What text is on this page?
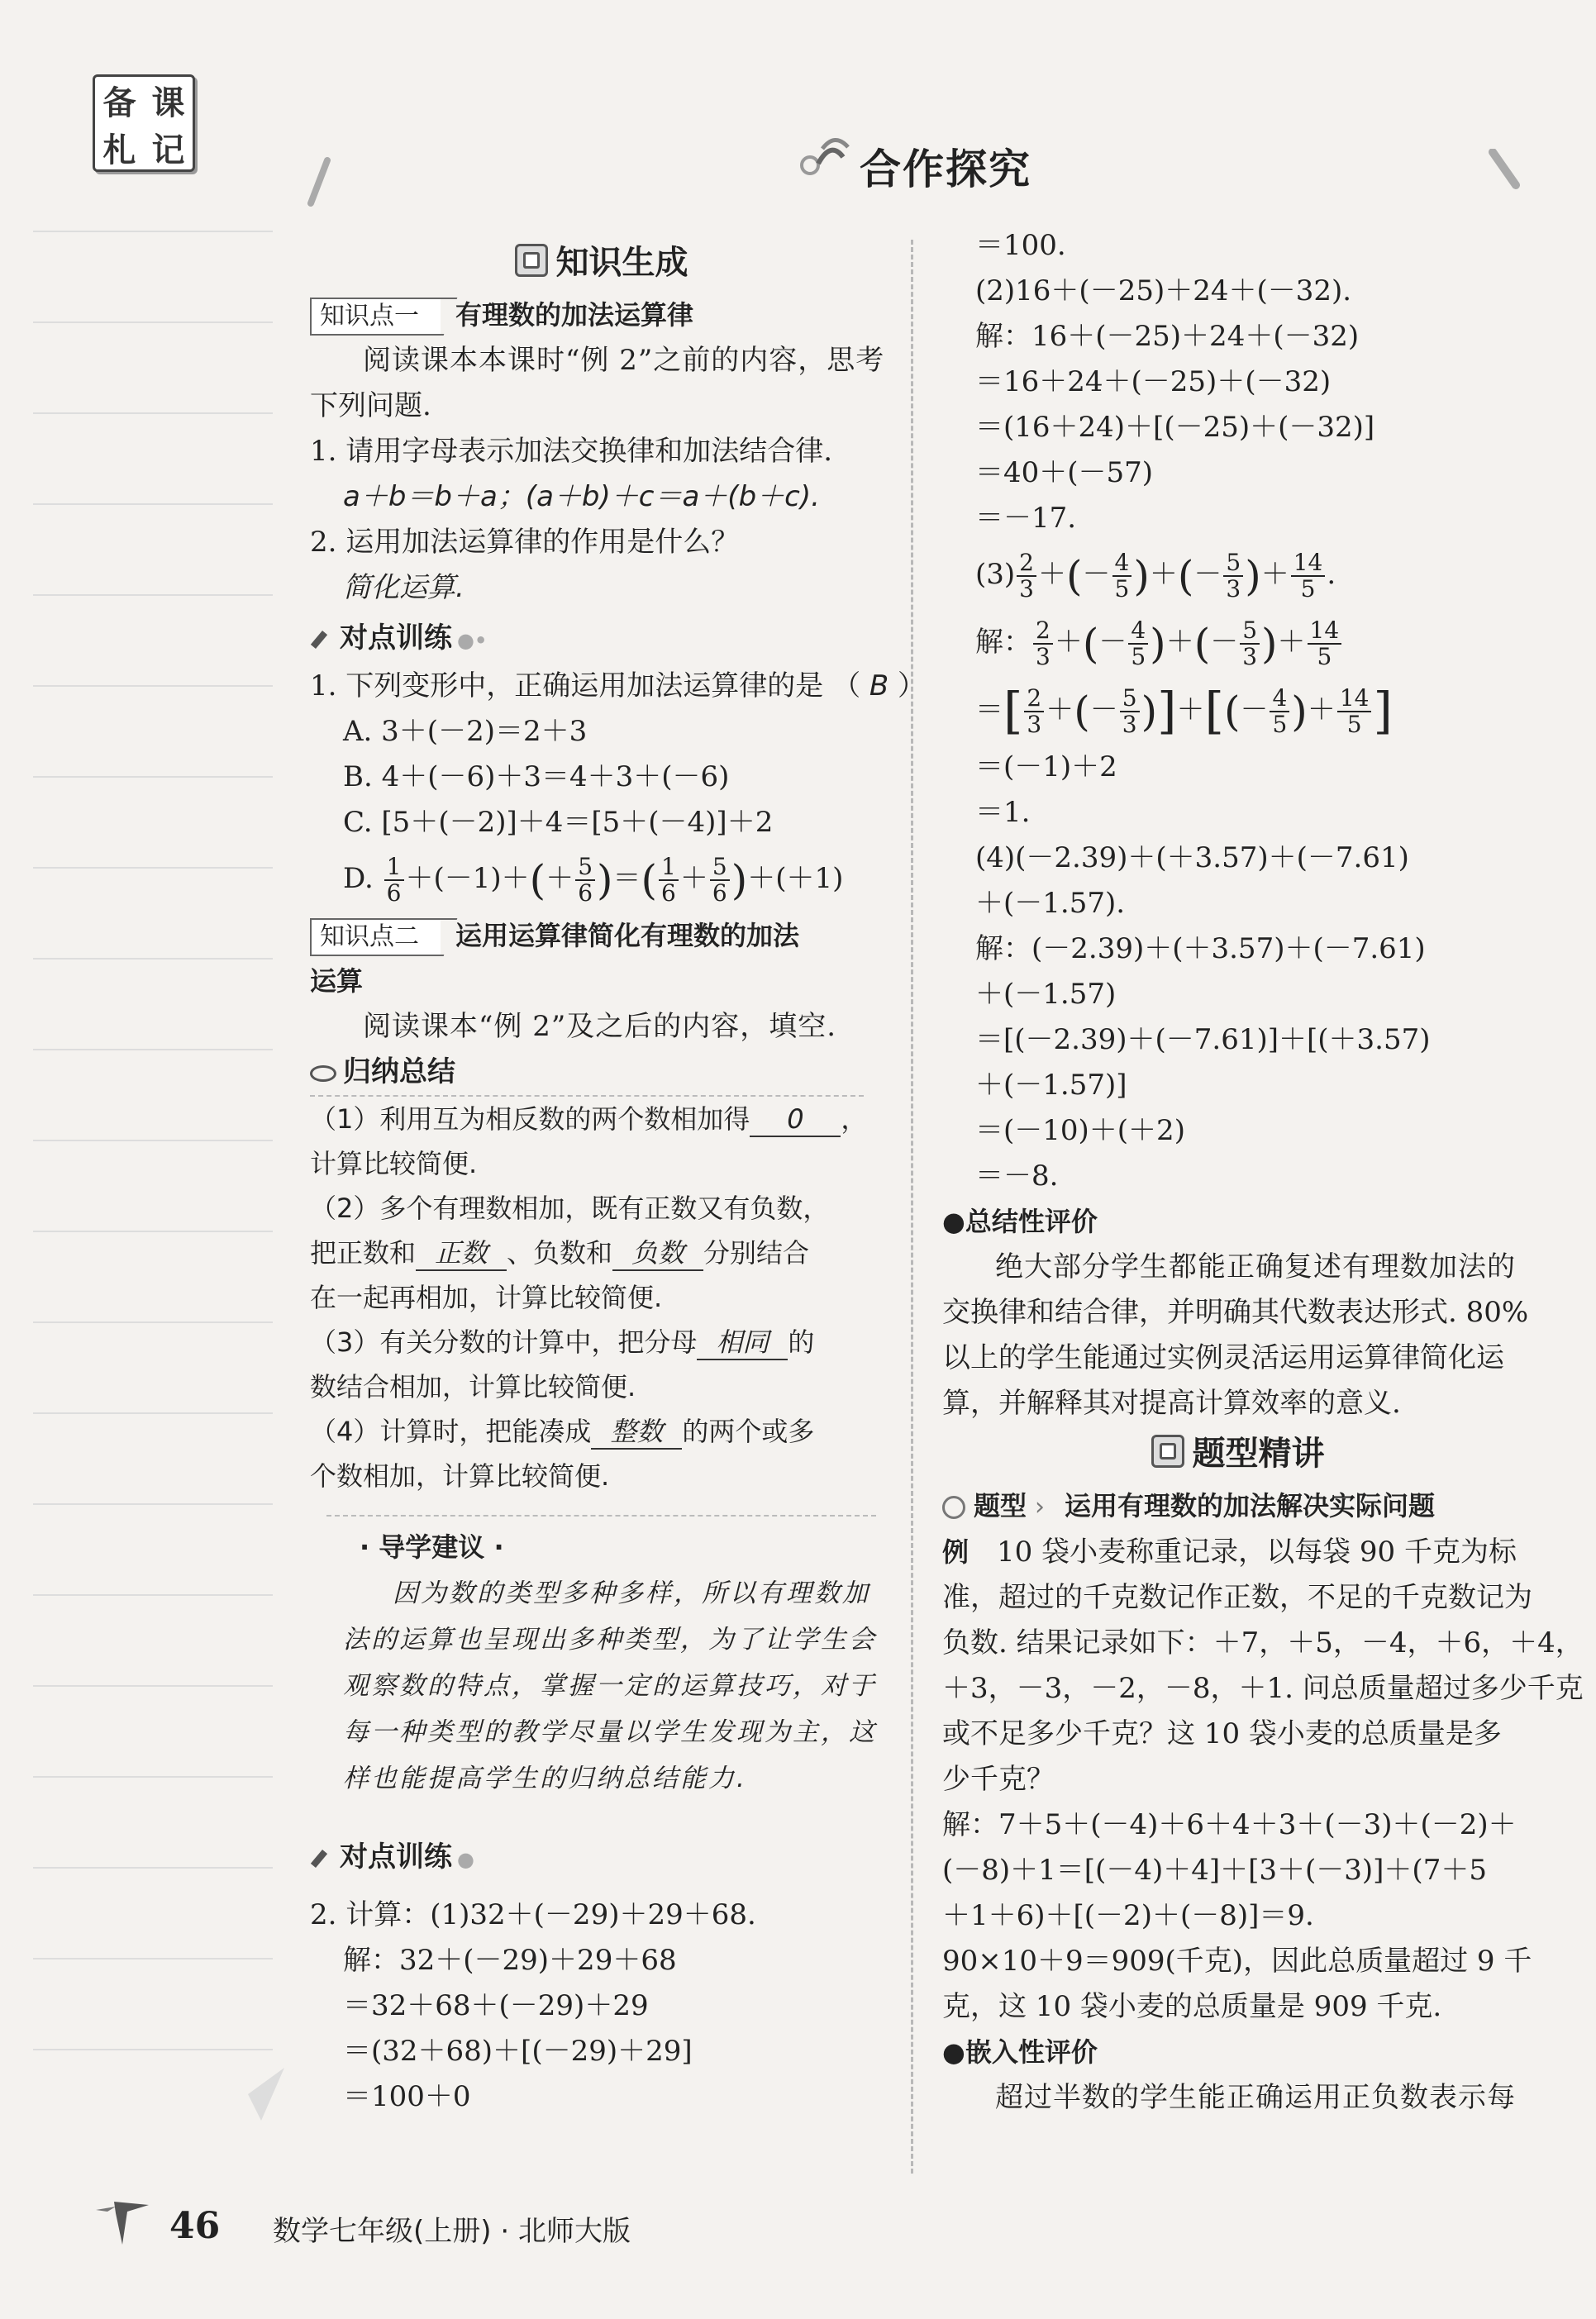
备 课
札 记	合作探究
知识生成
知识点一 有理数的加法运算律
阅读课本本课时“例 2”之前的内容，思考
下列问题.
1. 请用字母表示加法交换律和加法结合律.
a＋b＝b＋a；(a＋b)＋c＝a＋(b＋c).
2. 运用加法运算律的作用是什么？
简化运算.
对点训练 ●•
1. 下列变形中，正确运用加法运算律的是 （ B ）
A. 3＋(－2)＝2＋3
B. 4＋(－6)＋3＝4＋3＋(－6)
C. [5＋(－2)]＋4＝[5＋(－4)]＋2
D. $\frac{1}{6} +(-1)+(+ \frac{5}{6}$ )＝( $\frac{1}{6} + \frac{5}{6} )+(+1)$
知识点二 运用运算律简化有理数的加法
运算
阅读课本“例 2”及之后的内容，填空.
归纳总结
（1）利用互为相反数的两个数相加得 0 ，
计算比较简便.
（2）多个有理数相加，既有正数又有负数，
把正数和 正数 、负数和 负数 分别结合
在一起再相加，计算比较简便.
（3）有关分数的计算中，把分母 相同 的
数结合相加，计算比较简便.
（4）计算时，把能凑成 整数 的两个或多
个数相加，计算比较简便.
· 导学建议 ·
因为数的类型多种多样，所以有理数加
法的运算也呈现出多种类型，为了让学生会
观察数的特点，掌握一定的运算技巧，对于
每一种类型的教学尽量以学生发现为主，这
样也能提高学生的归纳总结能力.
对点训练 ●
2. 计算：(1)32＋(－29)＋29＋68.
解：32＋(－29)＋29＋68
＝32＋68＋(－29)＋29
＝(32＋68)＋[(－29)＋29]
＝100＋0
＝100.
(2)16＋(－25)＋24＋(－32).
解：16＋(－25)＋24＋(－32)
＝16＋24＋(－25)＋(－32)
＝(16＋24)＋[(－25)＋(－32)]
＝40＋(－57)
＝－17.
$(3) \frac{2}{3}$ ＋(－ $\frac{4}{5}$ )＋(－ $\frac{5}{3}$ )＋ $\frac{14}{5}$ .
解： $\frac{2}{3}$ ＋(－ $\frac{4}{5}$ )＋(－ $\frac{5}{3}$ )＋ $\frac{14}{5}$
＝[ $\frac{2}{3}$ ＋(－ $\frac{5}{3}$ )]＋[(－ $\frac{4}{5}$ )＋ $\frac{14}{5}$ ]
＝(－1)＋2
＝1.
(4)(－2.39)＋(＋3.57)＋(－7.61)
＋(－1.57).
解：(－2.39)＋(＋3.57)＋(－7.61)
＋(－1.57)
＝[(－2.39)＋(－7.61)]＋[(＋3.57)
＋(－1.57)]
＝(－10)＋(＋2)
＝－8.
●总结性评价
绝大部分学生都能正确复述有理数加法的
交换律和结合律，并明确其代数表达形式. 80%
以上的学生能通过实例灵活运用运算律简化运
算，并解释其对提高计算效率的意义.
题型精讲
题型 › 运用有理数的加法解决实际问题
例　 10 袋小麦称重记录，以每袋 90 千克为标
准，超过的千克数记作正数，不足的千克数记为
负数. 结果记录如下：＋7，＋5，－4，＋6，＋4，
＋3，－3，－2，－8，＋1. 问总质量超过多少千克
或不足多少千克？这 10 袋小麦的总质量是多
少千克？
解：7＋5＋(－4)＋6＋4＋3＋(－3)＋(－2)＋
(－8)＋1＝[(－4)＋4]＋[3＋(－3)]＋(7＋5
＋1＋6)＋[(－2)＋(－8)]＝9.
90×10＋9＝909(千克)，因此总质量超过 9 千
克，这 10 袋小麦的总质量是 909 千克.
●嵌入性评价
超过半数的学生能正确运用正负数表示每
46 数学七年级(上册) · 北师大版
